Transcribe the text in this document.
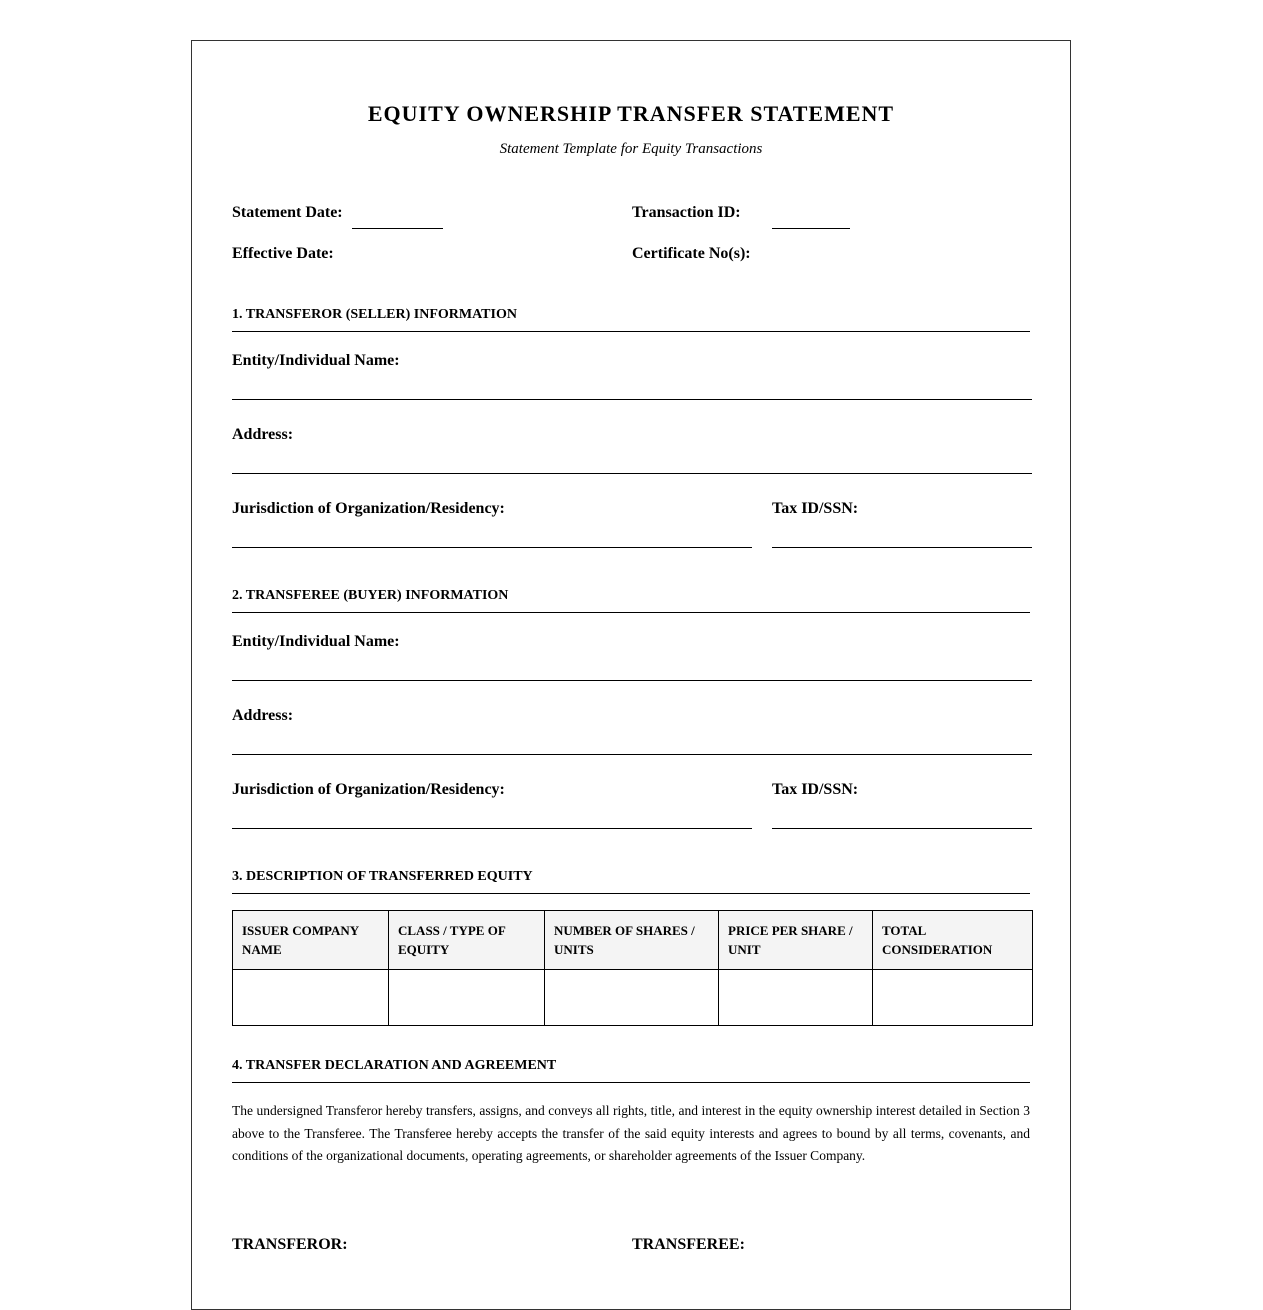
EQUITY OWNERSHIP TRANSFER STATEMENT
Statement Template for Equity Transactions
Statement Date:	Transaction ID:
Effective Date:	Certificate No(s):
1. TRANSFEROR (SELLER) INFORMATION
Entity/Individual Name:
Address:
Jurisdiction of Organization/Residency:	Tax ID/SSN:
2. TRANSFEREE (BUYER) INFORMATION
Entity/Individual Name:
Address:
Jurisdiction of Organization/Residency:	Tax ID/SSN:
3. DESCRIPTION OF TRANSFERRED EQUITY
ISSUER COMPANY NAME	CLASS / TYPE OF EQUITY	NUMBER OF SHARES / UNITS	PRICE PER SHARE / UNIT	TOTAL CONSIDERATION

4. TRANSFER DECLARATION AND AGREEMENT
The undersigned Transferor hereby transfers, assigns, and conveys all rights, title, and interest in the equity ownership interest detailed in Section 3 above to the Transferee. The Transferee hereby accepts the transfer of the said equity interests and agrees to bound by all terms, covenants, and conditions of the organizational documents, operating agreements, or shareholder agreements of the Issuer Company.
TRANSFEROR:	TRANSFEREE:
